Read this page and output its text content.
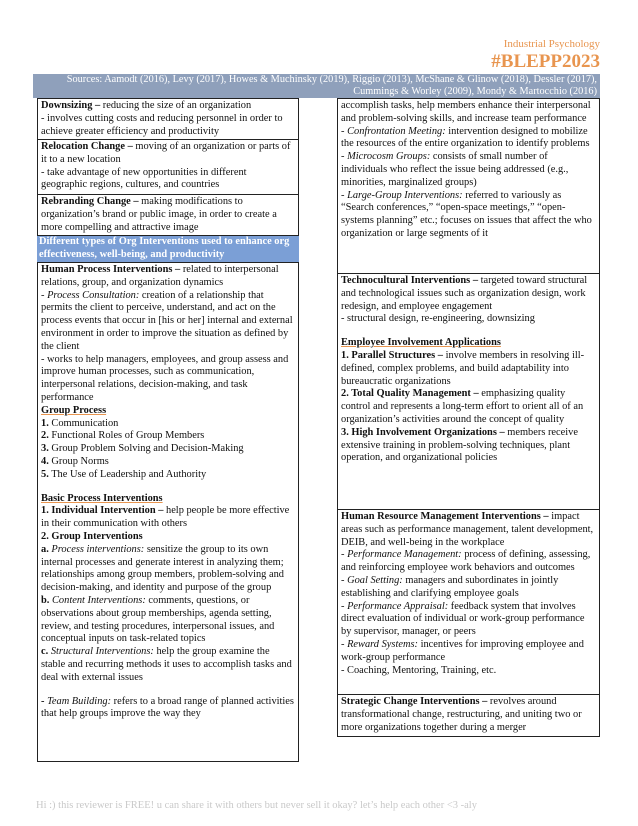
Industrial Psychology
#BLEPP2023
Sources: Aamodt (2016), Levy (2017), Howes & Muchinsky (2019), Riggio (2013), McShane & Glinow (2018), Dessler (2017), Cummings & Worley (2009), Mondy & Martocchio (2016)

Downsizing – reducing the size of an organization

- involves cutting costs and reducing personnel in order to achieve greater efficiency and productivity

Relocation Change – moving of an organization or parts of it to a new location

- take advantage of new opportunities in different geographic regions, cultures, and countries

Rebranding Change – making modifications to organization’s brand or public image, in order to create a more compelling and attractive image

Different types of Org Interventions used to enhance org effectiveness, well-being, and productivity

Human Process Interventions – related to interpersonal relations, group, and organization dynamics

- Process Consultation: creation of a relationship that permits the client to perceive, understand, and act on the process events that occur in [his or her] internal and external environment in order to improve the situation as defined by the client

- works to help managers, employees, and group assess and improve human processes, such as communication, interpersonal relations, decision-making, and task performance

Group Process

1. Communication

2. Functional Roles of Group Members

3. Group Problem Solving and Decision-Making

4. Group Norms

5. The Use of Leadership and Authority

Basic Process Interventions

1. Individual Intervention – help people be more effective in their communication with others

2. Group Interventions

a. Process interventions: sensitize the group to its own internal processes and generate interest in analyzing them; relationships among group members, problem-solving and decision-making, and identity and purpose of the group

b. Content Interventions: comments, questions, or observations about group memberships, agenda setting, review, and testing procedures, interpersonal issues, and conceptual inputs on task-related topics

c. Structural Interventions: help the group examine the stable and recurring methods it uses to accomplish tasks and deal with external issues

- Team Building: refers to a broad range of planned activities that help groups improve the way they

accomplish tasks, help members enhance their interpersonal and problem-solving skills, and increase team performance

- Confrontation Meeting: intervention designed to mobilize the resources of the entire organization to identify problems

- Microcosm Groups: consists of small number of individuals who reflect the issue being addressed (e.g., minorities, marginalized groups)

- Large-Group Interventions: referred to variously as “Search conferences,” “open-space meetings,” “open-systems planning” etc.; focuses on issues that affect the who organization or large segments of it

Technocultural Interventions – targeted toward structural and technological issues such as organization design, work redesign, and employee engagement

- structural design, re-engineering, downsizing

Employee Involvement Applications

1. Parallel Structures – involve members in resolving ill-defined, complex problems, and build adaptability into bureaucratic organizations

2. Total Quality Management – emphasizing quality control and represents a long-term effort to orient all of an organization’s activities around the concept of quality

3. High Involvement Organizations – members receive extensive training in problem-solving techniques, plant operation, and organizational policies

Human Resource Management Interventions – impact areas such as performance management, talent development, DEIB, and well-being in the workplace

- Performance Management: process of defining, assessing, and reinforcing employee work behaviors and outcomes

- Goal Setting: managers and subordinates in jointly establishing and clarifying employee goals

- Performance Appraisal: feedback system that involves direct evaluation of individual or work-group performance by supervisor, manager, or peers

- Reward Systems: incentives for improving employee and work-group performance

- Coaching, Mentoring, Training, etc.

Strategic Change Interventions – revolves around transformational change, restructuring, and uniting two or more organizations together during a merger

Hi :) this reviewer is FREE! u can share it with others but never sell it okay? let’s help each other <3 -aly
